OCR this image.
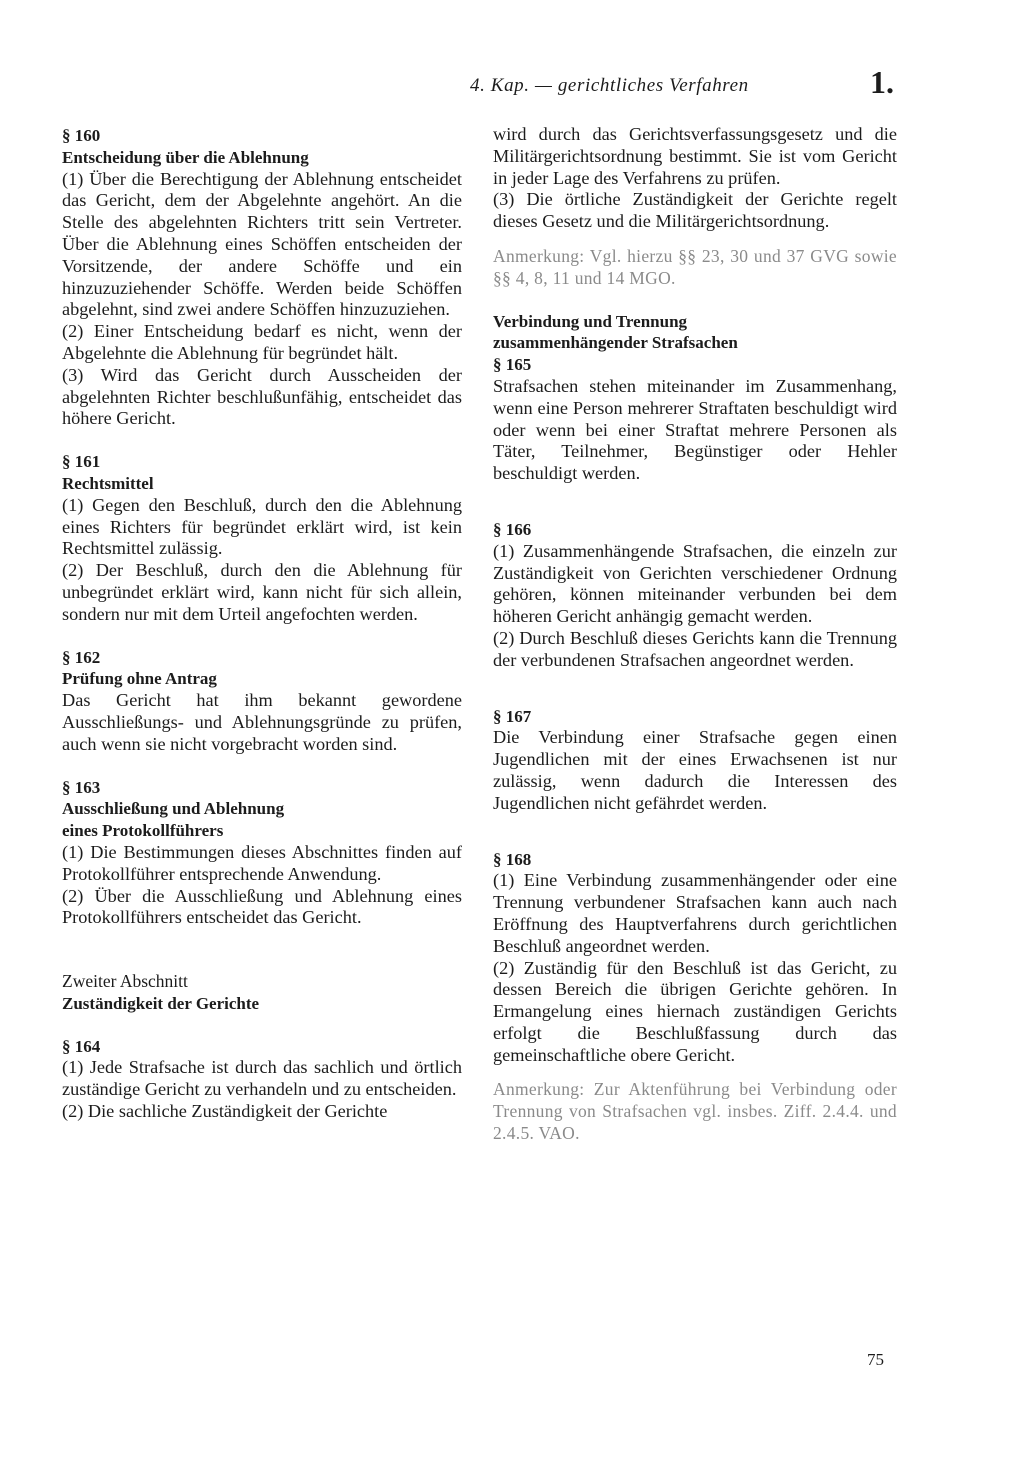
4. Kap. — gerichtliches Verfahren	1.
§ 160
Entscheidung über die Ablehnung
(1) Über die Berechtigung der Ablehnung entscheidet das Gericht, dem der Abgelehnte angehört. An die Stelle des abgelehnten Richters tritt sein Vertreter. Über die Ablehnung eines Schöffen entscheiden der Vorsitzende, der andere Schöffe und ein hinzuzuziehender Schöffe. Werden beide Schöffen abgelehnt, sind zwei andere Schöffen hinzuzuziehen.
(2) Einer Entscheidung bedarf es nicht, wenn der Abgelehnte die Ablehnung für begründet hält.
(3) Wird das Gericht durch Ausscheiden der abgelehnten Richter beschlußunfähig, entscheidet das höhere Gericht.
§ 161
Rechtsmittel
(1) Gegen den Beschluß, durch den die Ablehnung eines Richters für begründet erklärt wird, ist kein Rechtsmittel zulässig.
(2) Der Beschluß, durch den die Ablehnung für unbegründet erklärt wird, kann nicht für sich allein, sondern nur mit dem Urteil angefochten werden.
§ 162
Prüfung ohne Antrag
Das Gericht hat ihm bekannt gewordene Ausschließungs- und Ablehnungsgründe zu prüfen, auch wenn sie nicht vorgebracht worden sind.
§ 163
Ausschließung und Ablehnung
eines Protokollführers
(1) Die Bestimmungen dieses Abschnittes finden auf Protokollführer entsprechende Anwendung.
(2) Über die Ausschließung und Ablehnung eines Protokollführers entscheidet das Gericht.
Zweiter Abschnitt
Zuständigkeit der Gerichte
§ 164
(1) Jede Strafsache ist durch das sachlich und örtlich zuständige Gericht zu verhandeln und zu entscheiden.
(2) Die sachliche Zuständigkeit der Gerichte
wird durch das Gerichtsverfassungsgesetz und die Militärgerichtsordnung bestimmt. Sie ist vom Gericht in jeder Lage des Verfahrens zu prüfen.
(3) Die örtliche Zuständigkeit der Gerichte regelt dieses Gesetz und die Militärgerichtsordnung.
Anmerkung: Vgl. hierzu §§ 23, 30 und 37 GVG sowie §§ 4, 8, 11 und 14 MGO.
Verbindung und Trennung
zusammenhängender Strafsachen
§ 165
Strafsachen stehen miteinander im Zusammenhang, wenn eine Person mehrerer Straftaten beschuldigt wird oder wenn bei einer Straftat mehrere Personen als Täter, Teilnehmer, Begünstiger oder Hehler beschuldigt werden.
§ 166
(1) Zusammenhängende Strafsachen, die einzeln zur Zuständigkeit von Gerichten verschiedener Ordnung gehören, können miteinander verbunden bei dem höheren Gericht anhängig gemacht werden.
(2) Durch Beschluß dieses Gerichts kann die Trennung der verbundenen Strafsachen angeordnet werden.
§ 167
Die Verbindung einer Strafsache gegen einen Jugendlichen mit der eines Erwachsenen ist nur zulässig, wenn dadurch die Interessen des Jugendlichen nicht gefährdet werden.
§ 168
(1) Eine Verbindung zusammenhängender oder eine Trennung verbundener Strafsachen kann auch nach Eröffnung des Hauptverfahrens durch gerichtlichen Beschluß angeordnet werden.
(2) Zuständig für den Beschluß ist das Gericht, zu dessen Bereich die übrigen Gerichte gehören. In Ermangelung eines hiernach zuständigen Gerichts erfolgt die Beschlußfassung durch das gemeinschaftliche obere Gericht.
Anmerkung: Zur Aktenführung bei Verbindung oder Trennung von Strafsachen vgl. insbes. Ziff. 2.4.4. und 2.4.5. VAO.
75
